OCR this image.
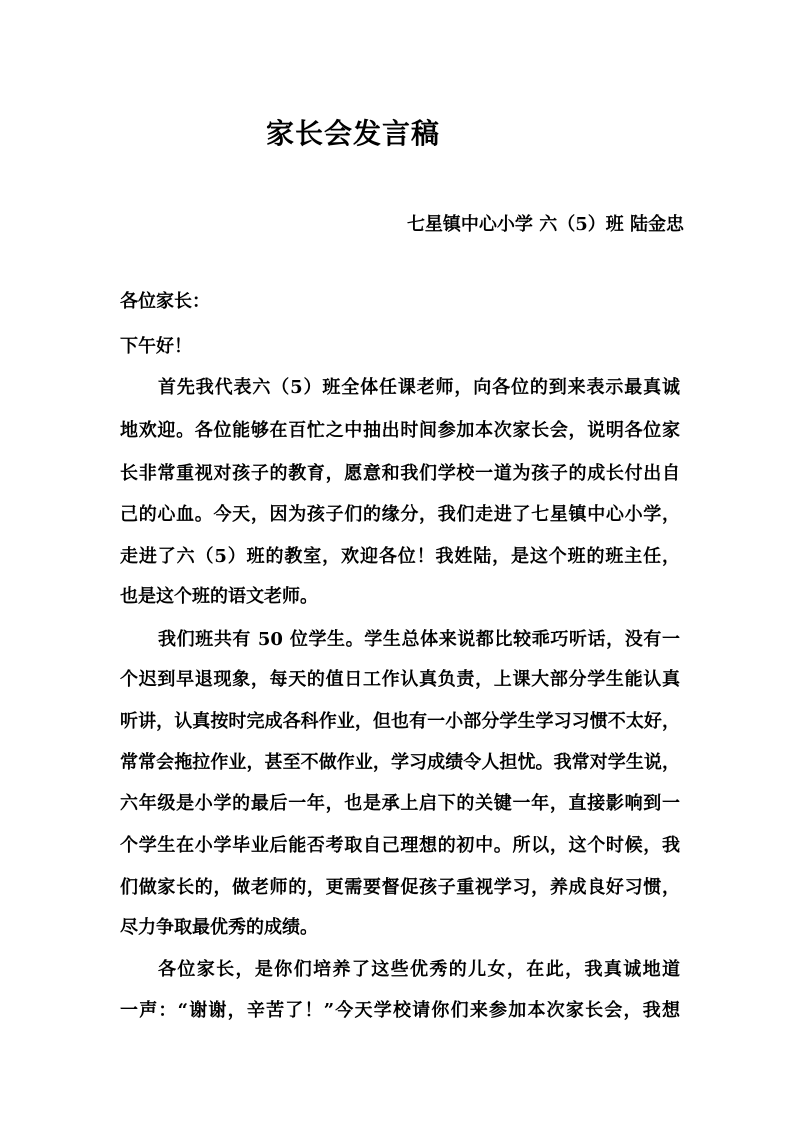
家长会发言稿

七星镇中心小学 六（5）班 陆金忠

各位家长：

下午好！

首先我代表六（5）班全体任课老师，向各位的到来表示最真诚

地欢迎。各位能够在百忙之中抽出时间参加本次家长会，说明各位家

长非常重视对孩子的教育，愿意和我们学校一道为孩子的成长付出自

己的心血。今天，因为孩子们的缘分，我们走进了七星镇中心小学，

走进了六（5）班的教室，欢迎各位！我姓陆，是这个班的班主任，

也是这个班的语文老师。

我们班共有 50 位学生。学生总体来说都比较乖巧听话，没有一

个迟到早退现象，每天的值日工作认真负责，上课大部分学生能认真

听讲，认真按时完成各科作业，但也有一小部分学生学习习惯不太好，

常常会拖拉作业，甚至不做作业，学习成绩令人担忧。我常对学生说，

六年级是小学的最后一年，也是承上启下的关键一年，直接影响到一

个学生在小学毕业后能否考取自己理想的初中。所以，这个时候，我

们做家长的，做老师的，更需要督促孩子重视学习，养成良好习惯，

尽力争取最优秀的成绩。

各位家长，是你们培养了这些优秀的儿女，在此，我真诚地道

一声：“谢谢，辛苦了！”今天学校请你们来参加本次家长会，我想
